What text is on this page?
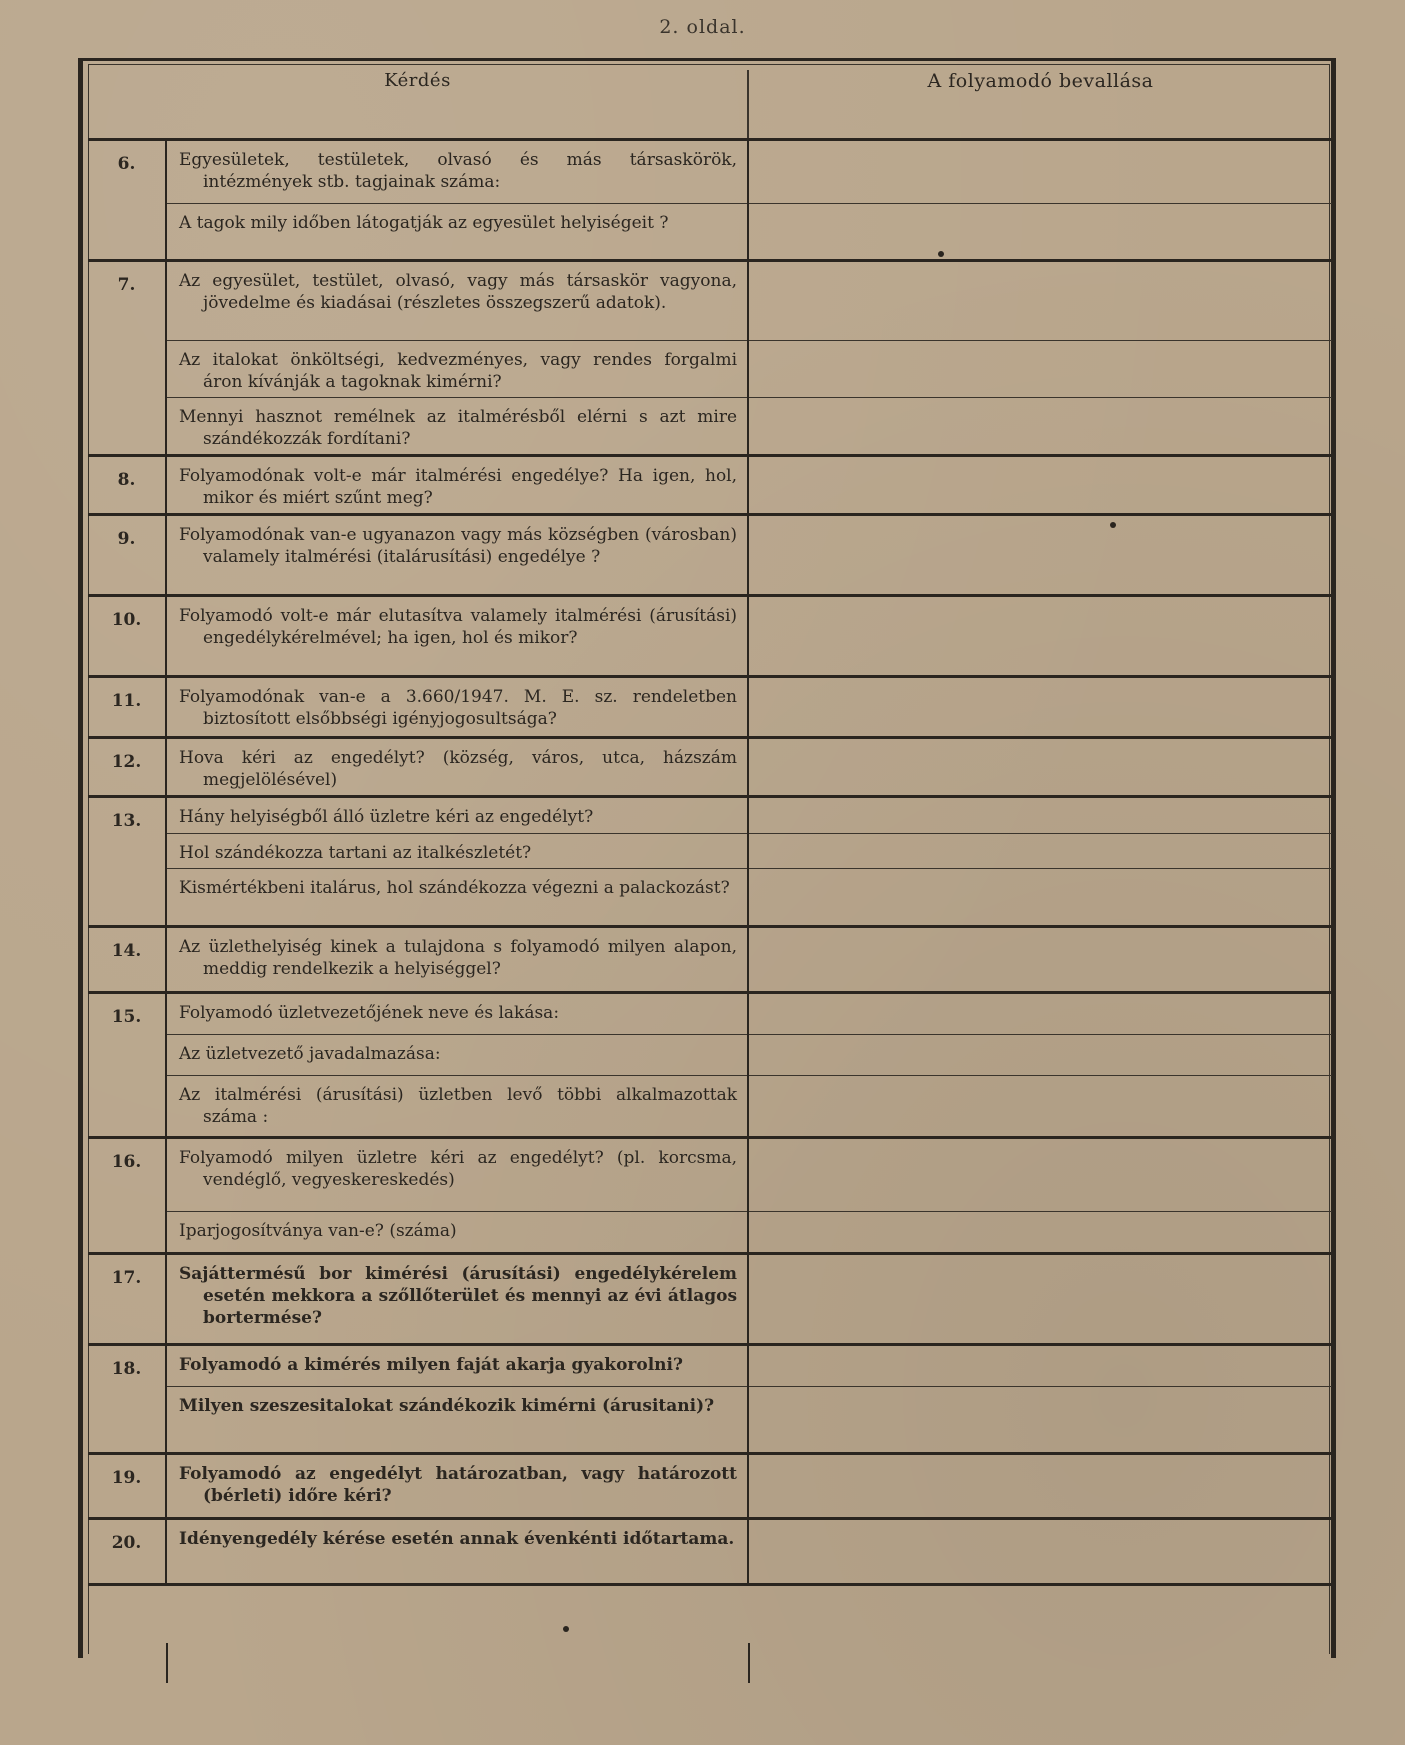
2. oldal.
Kérdés		A folyamodó bevallása
6.	Egyesületek, testületek, olvasó és más társaskörök, intézmények stb. tagjainak száma:	

	A tagok mily időben látogatják az egyesület helyiségeit ?	

7.	Az egyesület, testület, olvasó, vagy más társaskör vagyona, jövedelme és kiadásai (részletes összegszerű adatok).	

	Az italokat önköltségi, kedvezményes, vagy rendes forgalmi áron kívánják a tagoknak kimérni?	

	Mennyi hasznot remélnek az italmérésből elérni s azt mire szándékozzák fordítani?	

8.	Folyamodónak volt-e már italmérési engedélye? Ha igen, hol, mikor és miért szűnt meg?	

9.	Folyamodónak van-e ugyanazon vagy más községben (városban) valamely italmérési (italárusítási) engedélye ?	

10.	Folyamodó volt-e már elutasítva valamely italmérési (árusítási) engedélykérelmével; ha igen, hol és mikor?	

11.	Folyamodónak van-e a 3.660/1947. M. E. sz. rendeletben biztosított elsőbbségi igényjogosultsága?	

12.	Hova kéri az engedélyt? (község, város, utca, házszám megjelölésével)	

13.	Hány helyiségből álló üzletre kéri az engedélyt?	

	Hol szándékozza tartani az italkészletét?	

	Kismértékbeni italárus, hol szándékozza végezni a palackozást?	

14.	Az üzlethelyiség kinek a tulajdona s folyamodó milyen alapon, meddig rendelkezik a helyiséggel?	

15.	Folyamodó üzletvezetőjének neve és lakása:	

	Az üzletvezető javadalmazása:	

	Az italmérési (árusítási) üzletben levő többi alkalmazottak száma :	

16.	Folyamodó milyen üzletre kéri az engedélyt? (pl. korcsma, vendéglő, vegyeskereskedés)	

	Iparjogosítványa van-e? (száma)	

17.	Sajáttermésű bor kimérési (árusítási) engedélykérelem esetén mekkora a szőllőterület és mennyi az évi átlagos bortermése?	

18.	Folyamodó a kimérés milyen faját akarja gyakorolni?	

	Milyen szeszesitalokat szándékozik kimérni (árusitani)?	

19.	Folyamodó az engedélyt határozatban, vagy határozott (bérleti) időre kéri?	

20.	Idényengedély kérése esetén annak évenkénti időtartama.	
